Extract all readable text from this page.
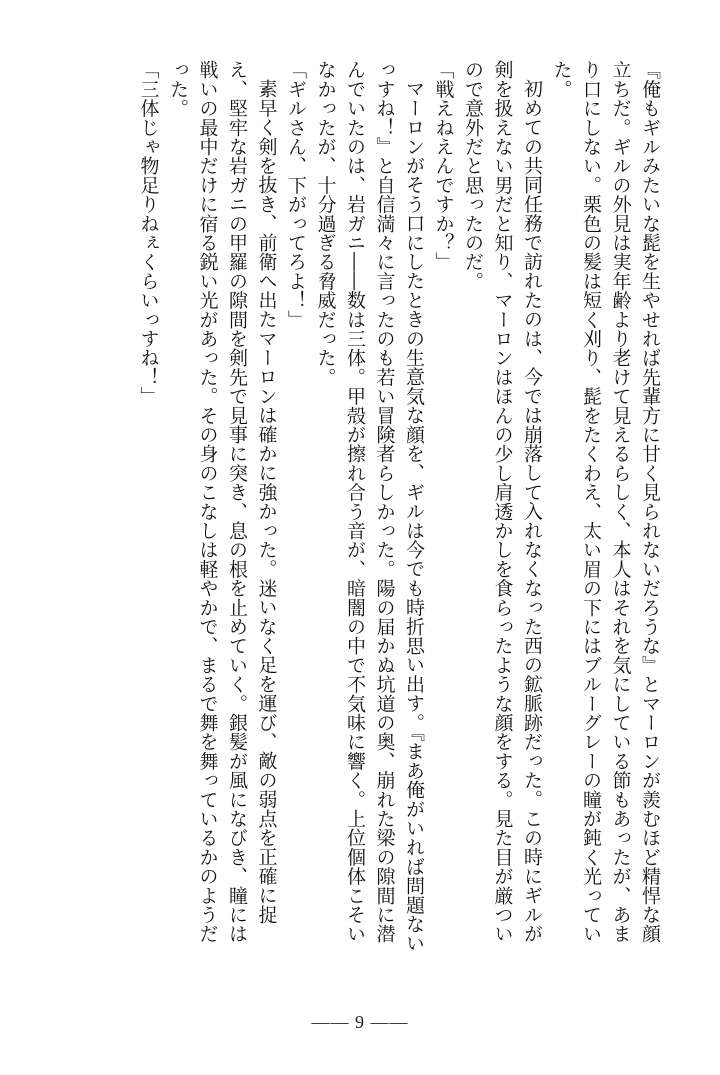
『俺もギルみたいな髭を生やせれば先輩方に甘く見られないだろうな』とマーロンが羨むほど精悍な顔立ちだ。ギルの外見は実年齢より老けて見えるらしく、本人はそれを気にしている節もあったが、あまり口にしない。栗色の髪は短く刈り、髭をたくわえ、太い眉の下にはブルーグレーの瞳が鈍く光っていた。

初めての共同任務で訪れたのは、今では崩落して入れなくなった西の鉱脈跡だった。この時にギルが剣を扱えない男だと知り、マーロンはほんの少し肩透かしを食らったような顔をする。見た目が厳ついので意外だと思ったのだ。

「戦えねえんですか？」

マーロンがそう口にしたときの生意気な顔を、ギルは今でも時折思い出す。『まあ俺がいれば問題ないっすね！』と自信満々に言ったのも若い冒険者らしかった。陽の届かぬ坑道の奥、崩れた梁の隙間に潜んでいたのは、岩ガニ――数は三体。甲殻が擦れ合う音が、暗闇の中で不気味に響く。上位個体こそいなかったが、十分過ぎる脅威だった。

「ギルさん、下がってろよ！」

素早く剣を抜き、前衛へ出たマーロンは確かに強かった。迷いなく足を運び、敵の弱点を正確に捉え、堅牢な岩ガニの甲羅の隙間を剣先で見事に突き、息の根を止めていく。銀髪が風になびき、瞳には戦いの最中だけに宿る鋭い光があった。その身のこなしは軽やかで、まるで舞を舞っているかのようだった。

「三体じゃ物足りねぇくらいっすね！」

―― 9 ――
